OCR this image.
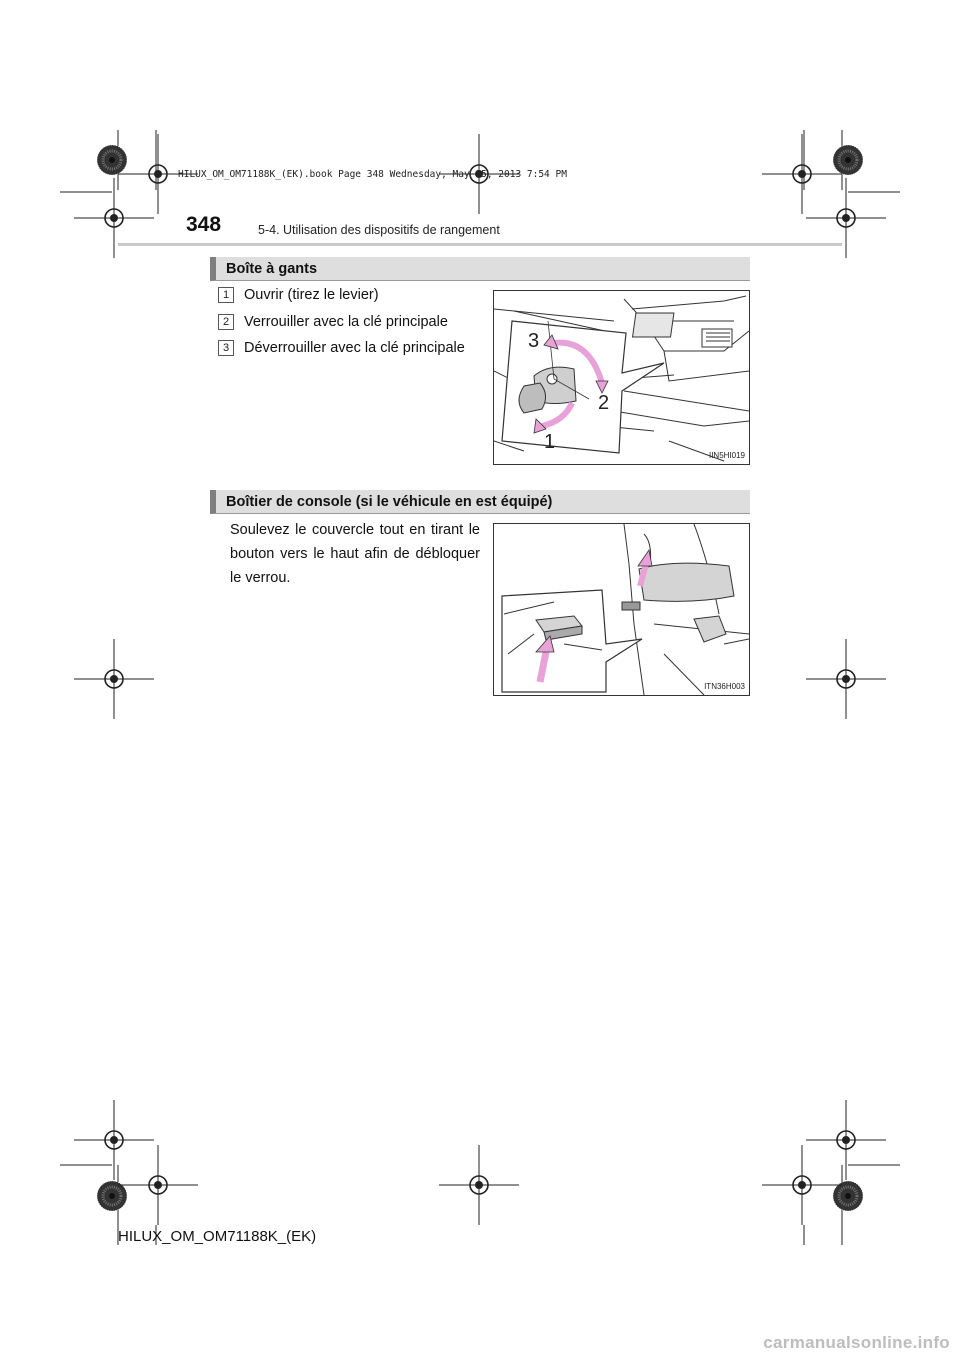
HILUX_OM_OM71188K_(EK).book Page 348 Wednesday, May 15, 2013 7:54 PM
348	5-4. Utilisation des dispositifs de rangement
Boîte à gants
1	Ouvrir (tirez le levier)
2	Verrouiller avec la clé principale
3	Déverrouiller avec la clé principale	3
2
1
IIN5HI019
Boîtier de console (si le véhicule en est équipé)
Soulevez le couvercle tout en tirant le bouton vers le haut afin de débloquer le verrou.
ITN36H003
HILUX_OM_OM71188K_(EK)
carmanualsonline.info
